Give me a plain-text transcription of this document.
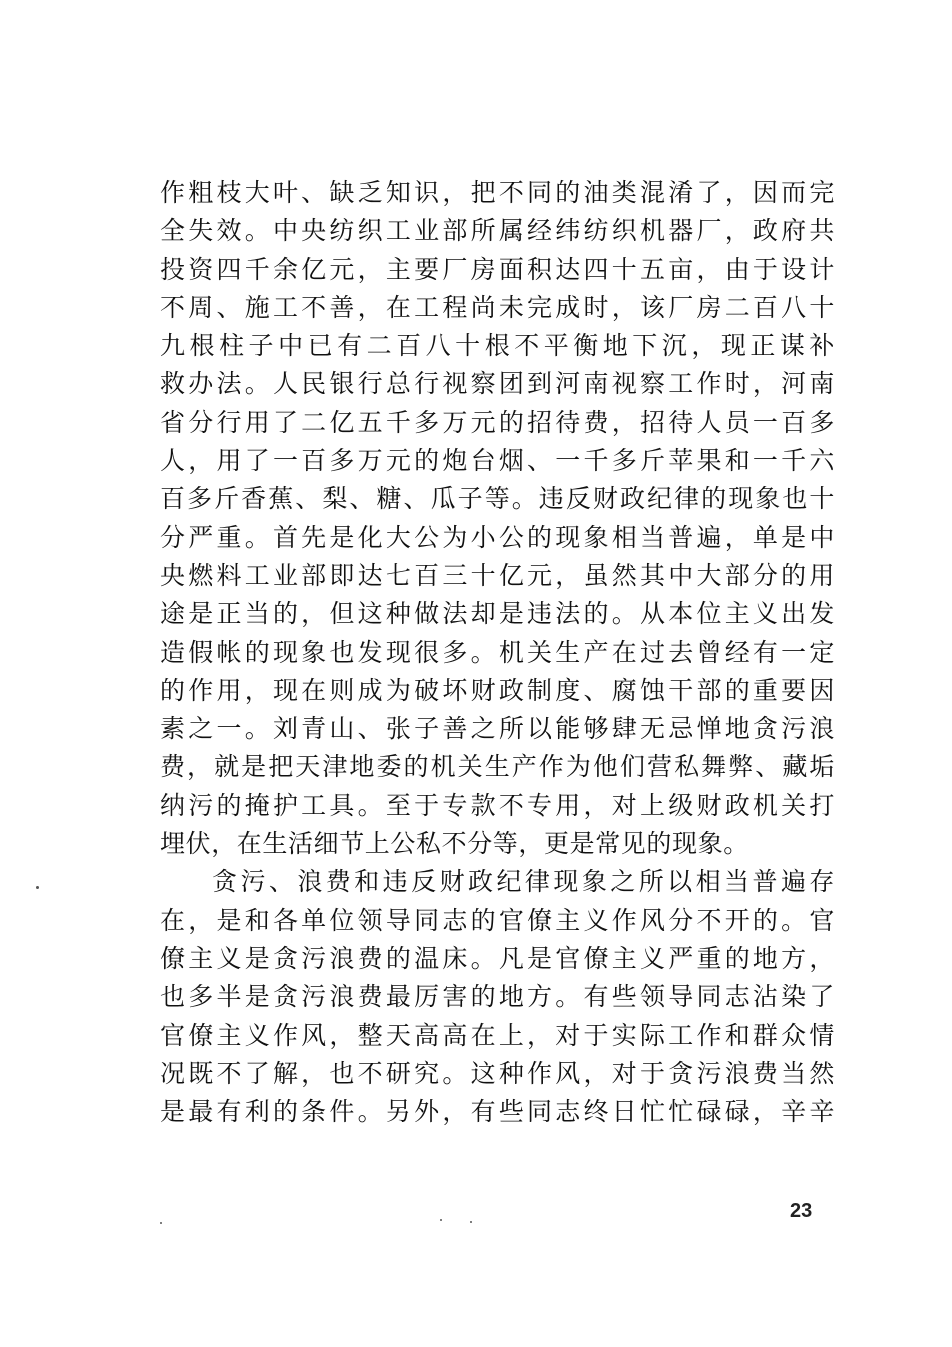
作粗枝大叶、缺乏知识，把不同的油类混淆了，因而完
全失效。中央纺织工业部所属经纬纺织机器厂，政府共
投资四千余亿元，主要厂房面积达四十五亩，由于设计
不周、施工不善，在工程尚未完成时，该厂房二百八十
九根柱子中已有二百八十根不平衡地下沉，现正谋补
救办法。人民银行总行视察团到河南视察工作时，河南
省分行用了二亿五千多万元的招待费，招待人员一百多
人，用了一百多万元的炮台烟、一千多斤苹果和一千六
百多斤香蕉、梨、糖、瓜子等。违反财政纪律的现象也十
分严重。首先是化大公为小公的现象相当普遍，单是中
央燃料工业部即达七百三十亿元，虽然其中大部分的用
途是正当的，但这种做法却是违法的。从本位主义出发
造假帐的现象也发现很多。机关生产在过去曾经有一定
的作用，现在则成为破坏财政制度、腐蚀干部的重要因
素之一。刘青山、张子善之所以能够肆无忌惮地贪污浪
费，就是把天津地委的机关生产作为他们营私舞弊、藏垢
纳污的掩护工具。至于专款不专用，对上级财政机关打
埋伏，在生活细节上公私不分等，更是常见的现象。
贪污、浪费和违反财政纪律现象之所以相当普遍存
在，是和各单位领导同志的官僚主义作风分不开的。官
僚主义是贪污浪费的温床。凡是官僚主义严重的地方，
也多半是贪污浪费最厉害的地方。有些领导同志沾染了
官僚主义作风，整天高高在上，对于实际工作和群众情
况既不了解，也不研究。这种作风，对于贪污浪费当然
是最有利的条件。另外，有些同志终日忙忙碌碌，辛辛
23
